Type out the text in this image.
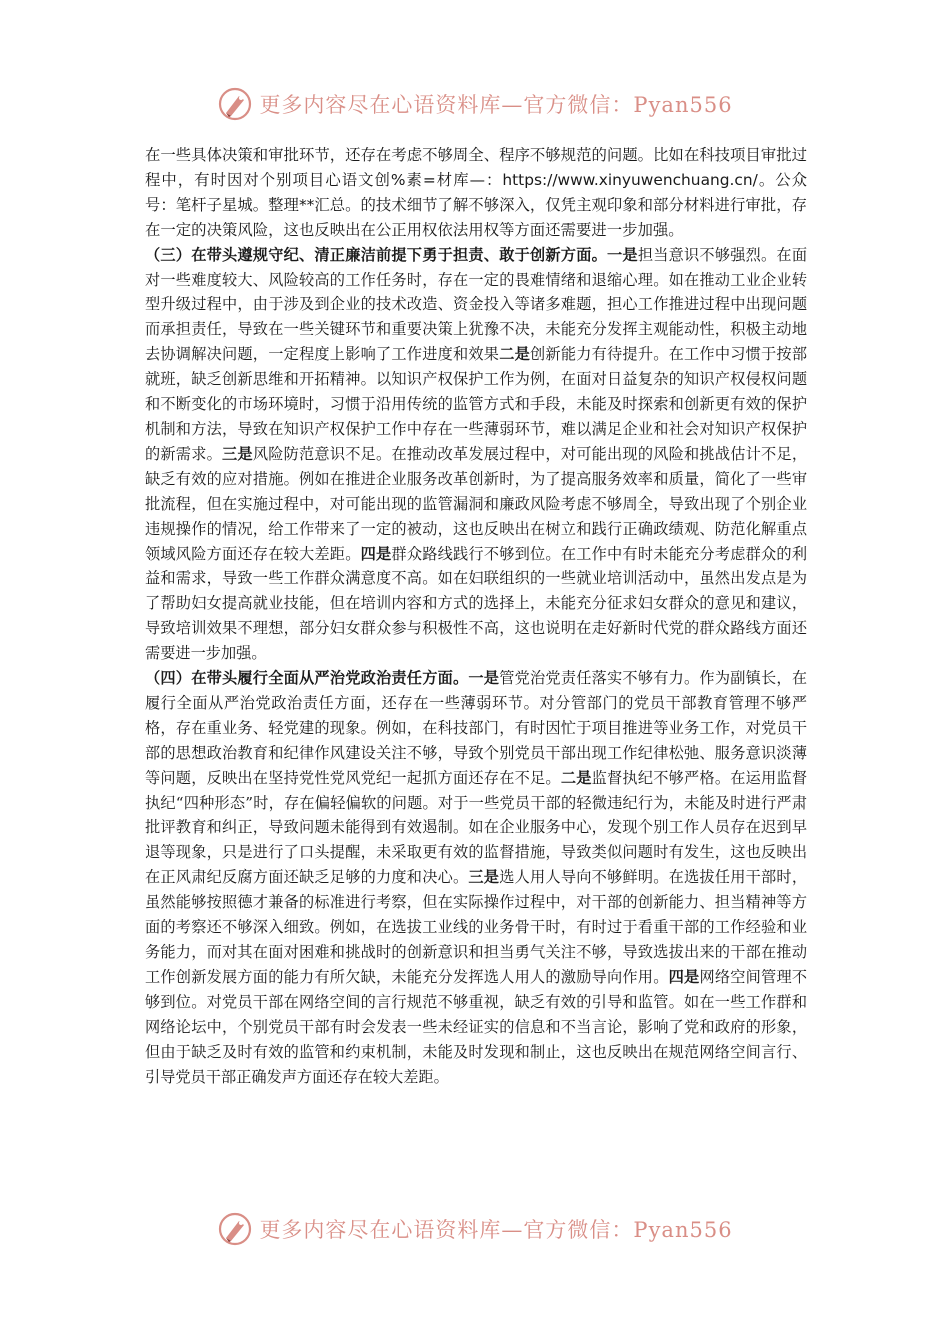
更多内容尽在心语资料库—官方微信：Pyan556

在一些具体决策和审批环节，还存在考虑不够周全、程序不够规范的问题。比如在科技项目审批过程中，有时因对个别项目心语文创%素=材库—：https://www.xinyuwenchuang.cn/。公众号：笔杆子星城。整理**汇总。的技术细节了解不够深入，仅凭主观印象和部分材料进行审批，存在一定的决策风险，这也反映出在公正用权依法用权等方面还需要进一步加强。

（三）在带头遵规守纪、清正廉洁前提下勇于担责、敢于创新方面。一是担当意识不够强烈。在面对一些难度较大、风险较高的工作任务时，存在一定的畏难情绪和退缩心理。如在推动工业企业转型升级过程中，由于涉及到企业的技术改造、资金投入等诸多难题，担心工作推进过程中出现问题而承担责任，导致在一些关键环节和重要决策上犹豫不决，未能充分发挥主观能动性，积极主动地去协调解决问题，一定程度上影响了工作进度和效果二是创新能力有待提升。在工作中习惯于按部就班，缺乏创新思维和开拓精神。以知识产权保护工作为例，在面对日益复杂的知识产权侵权问题和不断变化的市场环境时，习惯于沿用传统的监管方式和手段，未能及时探索和创新更有效的保护机制和方法，导致在知识产权保护工作中存在一些薄弱环节，难以满足企业和社会对知识产权保护的新需求。三是风险防范意识不足。在推动改革发展过程中，对可能出现的风险和挑战估计不足，缺乏有效的应对措施。例如在推进企业服务改革创新时，为了提高服务效率和质量，简化了一些审批流程，但在实施过程中，对可能出现的监管漏洞和廉政风险考虑不够周全，导致出现了个别企业违规操作的情况，给工作带来了一定的被动，这也反映出在树立和践行正确政绩观、防范化解重点领域风险方面还存在较大差距。四是群众路线践行不够到位。在工作中有时未能充分考虑群众的利益和需求，导致一些工作群众满意度不高。如在妇联组织的一些就业培训活动中，虽然出发点是为了帮助妇女提高就业技能，但在培训内容和方式的选择上，未能充分征求妇女群众的意见和建议，导致培训效果不理想，部分妇女群众参与积极性不高，这也说明在走好新时代党的群众路线方面还需要进一步加强。

（四）在带头履行全面从严治党政治责任方面。一是管党治党责任落实不够有力。作为副镇长，在履行全面从严治党政治责任方面，还存在一些薄弱环节。对分管部门的党员干部教育管理不够严格，存在重业务、轻党建的现象。例如，在科技部门，有时因忙于项目推进等业务工作，对党员干部的思想政治教育和纪律作风建设关注不够，导致个别党员干部出现工作纪律松弛、服务意识淡薄等问题，反映出在坚持党性党风党纪一起抓方面还存在不足。二是监督执纪不够严格。在运用监督执纪“四种形态”时，存在偏轻偏软的问题。对于一些党员干部的轻微违纪行为，未能及时进行严肃批评教育和纠正，导致问题未能得到有效遏制。如在企业服务中心，发现个别工作人员存在迟到早退等现象，只是进行了口头提醒，未采取更有效的监督措施，导致类似问题时有发生，这也反映出在正风肃纪反腐方面还缺乏足够的力度和决心。三是选人用人导向不够鲜明。在选拔任用干部时，虽然能够按照德才兼备的标准进行考察，但在实际操作过程中，对干部的创新能力、担当精神等方面的考察还不够深入细致。例如，在选拔工业线的业务骨干时，有时过于看重干部的工作经验和业务能力，而对其在面对困难和挑战时的创新意识和担当勇气关注不够，导致选拔出来的干部在推动工作创新发展方面的能力有所欠缺，未能充分发挥选人用人的激励导向作用。四是网络空间管理不够到位。对党员干部在网络空间的言行规范不够重视，缺乏有效的引导和监管。如在一些工作群和网络论坛中，个别党员干部有时会发表一些未经证实的信息和不当言论，影响了党和政府的形象，但由于缺乏及时有效的监管和约束机制，未能及时发现和制止，这也反映出在规范网络空间言行、引导党员干部正确发声方面还存在较大差距。

更多内容尽在心语资料库—官方微信：Pyan556
